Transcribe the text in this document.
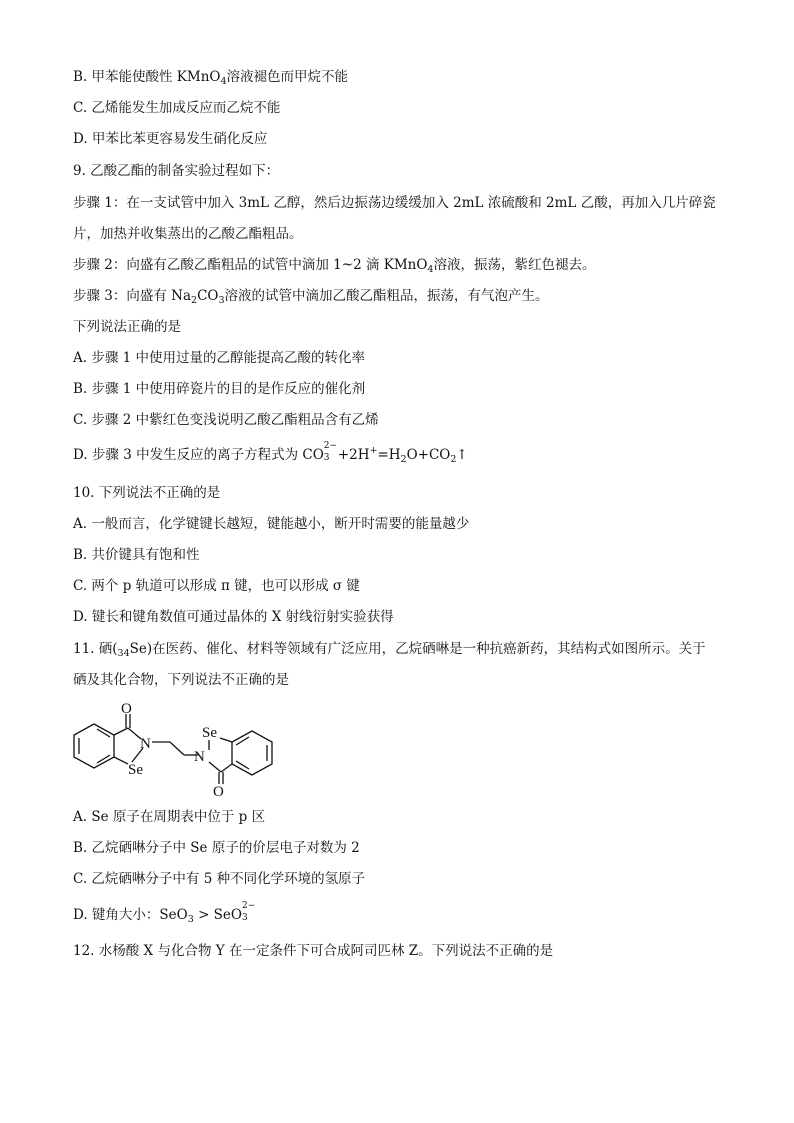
B. 甲苯能使酸性 KMnO$_4$溶液褪色而甲烷不能
C. 乙烯能发生加成反应而乙烷不能
D. 甲苯比苯更容易发生硝化反应
9. 乙酸乙酯的制备实验过程如下：
步骤 1：在一支试管中加入 3mL 乙醇，然后边振荡边缓缓加入 2mL 浓硫酸和 2mL 乙酸，再加入几片碎瓷
片，加热并收集蒸出的乙酸乙酯粗品。
步骤 2：向盛有乙酸乙酯粗品的试管中滴加 1~2 滴 KMnO$_4$溶液，振荡，紫红色褪去。
步骤 3：向盛有 $Na_2CO_3$溶液的试管中滴加乙酸乙酯粗品，振荡，有气泡产生。
下列说法正确的是
A. 步骤 1 中使用过量的乙醇能提高乙酸的转化率
B. 步骤 1 中使用碎瓷片的目的是作反应的催化剂
C. 步骤 2 中紫红色变浅说明乙酸乙酯粗品含有乙烯
D. 步骤 3 中发生反应的离子方程式为 CO
2−
$3 +2H^+=H_2O+CO_2↑$
10. 下列说法不正确的是
A. 一般而言，化学键键长越短，键能越小，断开时需要的能量越少
B. 共价键具有饱和性
C. 两个 p 轨道可以形成 π 键，也可以形成 σ 键
D. 键长和键角数值可通过晶体的 X 射线衍射实验获得
11. 硒$(_{34}Se)$在医药、催化、材料等领域有广泛应用，乙烷硒啉是一种抗癌新药，其结构式如图所示。关于
硒及其化合物，下列说法不正确的是
O
N
Se
Se
N
O
A. Se 原子在周期表中位于 p 区
B. 乙烷硒啉分子中 Se 原子的价层电子对数为 2
C. 乙烷硒啉分子中有 5 种不同化学环境的氢原子
D. 键角大小：SeO$_3$ > SeO
2−
3
12. 水杨酸 X 与化合物 Y 在一定条件下可合成阿司匹林 Z。下列说法不正确的是
